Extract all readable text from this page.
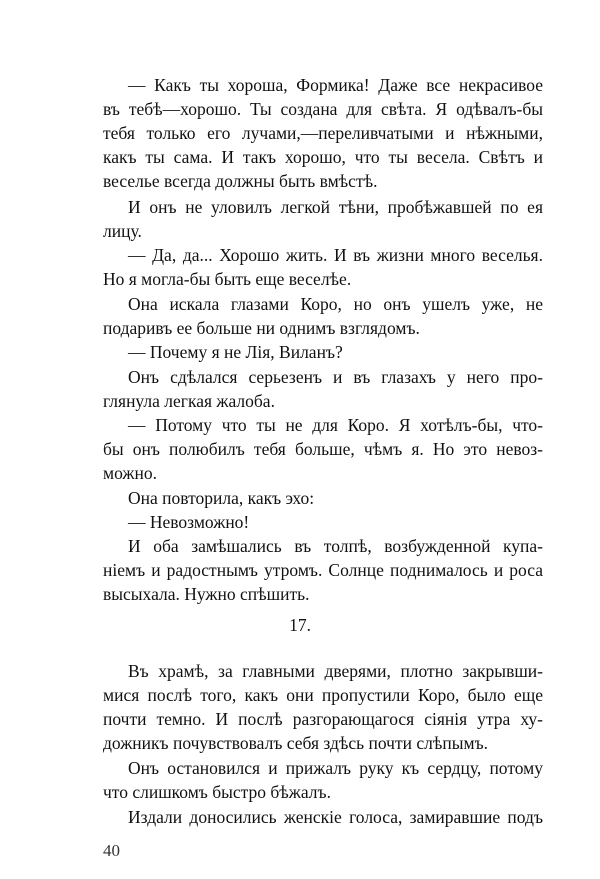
— Какъ ты хороша, Формика! Даже все некрасивое
въ тебѣ—хорошо. Ты создана для свѣта. Я одѣвалъ-бы
тебя только его лучами,—переливчатыми и нѣжными,
какъ ты сама. И такъ хорошо, что ты весела. Свѣтъ и
веселье всегда должны быть вмѣстѣ.
И онъ не уловилъ легкой тѣни, пробѣжавшей по ея
лицу.
— Да, да... Хорошо жить. И въ жизни много веселья.
Но я могла-бы быть еще веселѣе.
Она искала глазами Коро, но онъ ушелъ уже, не
подаривъ ее больше ни однимъ взглядомъ.
— Почему я не Лія, Виланъ?
Онъ сдѣлался серьезенъ и въ глазахъ у него про-
глянула легкая жалоба.
— Потому что ты не для Коро. Я хотѣлъ-бы, что-
бы онъ полюбилъ тебя больше, чѣмъ я. Но это невоз-
можно.
Она повторила, какъ эхо:
— Невозможно!
И оба замѣшались въ толпѣ, возбужденной купа-
ніемъ и радостнымъ утромъ. Солнце поднималось и роса
высыхала. Нужно спѣшить.
17.
Въ храмѣ, за главными дверями, плотно закрывши-
мися послѣ того, какъ они пропустили Коро, было еще
почти темно. И послѣ разгорающагося сіянія утра ху-
дожникъ почувствовалъ себя здѣсь почти слѣпымъ.
Онъ остановился и прижалъ руку къ сердцу, потому
что слишкомъ быстро бѣжалъ.
Издали доносились женскіе голоса, замиравшие подъ
40
